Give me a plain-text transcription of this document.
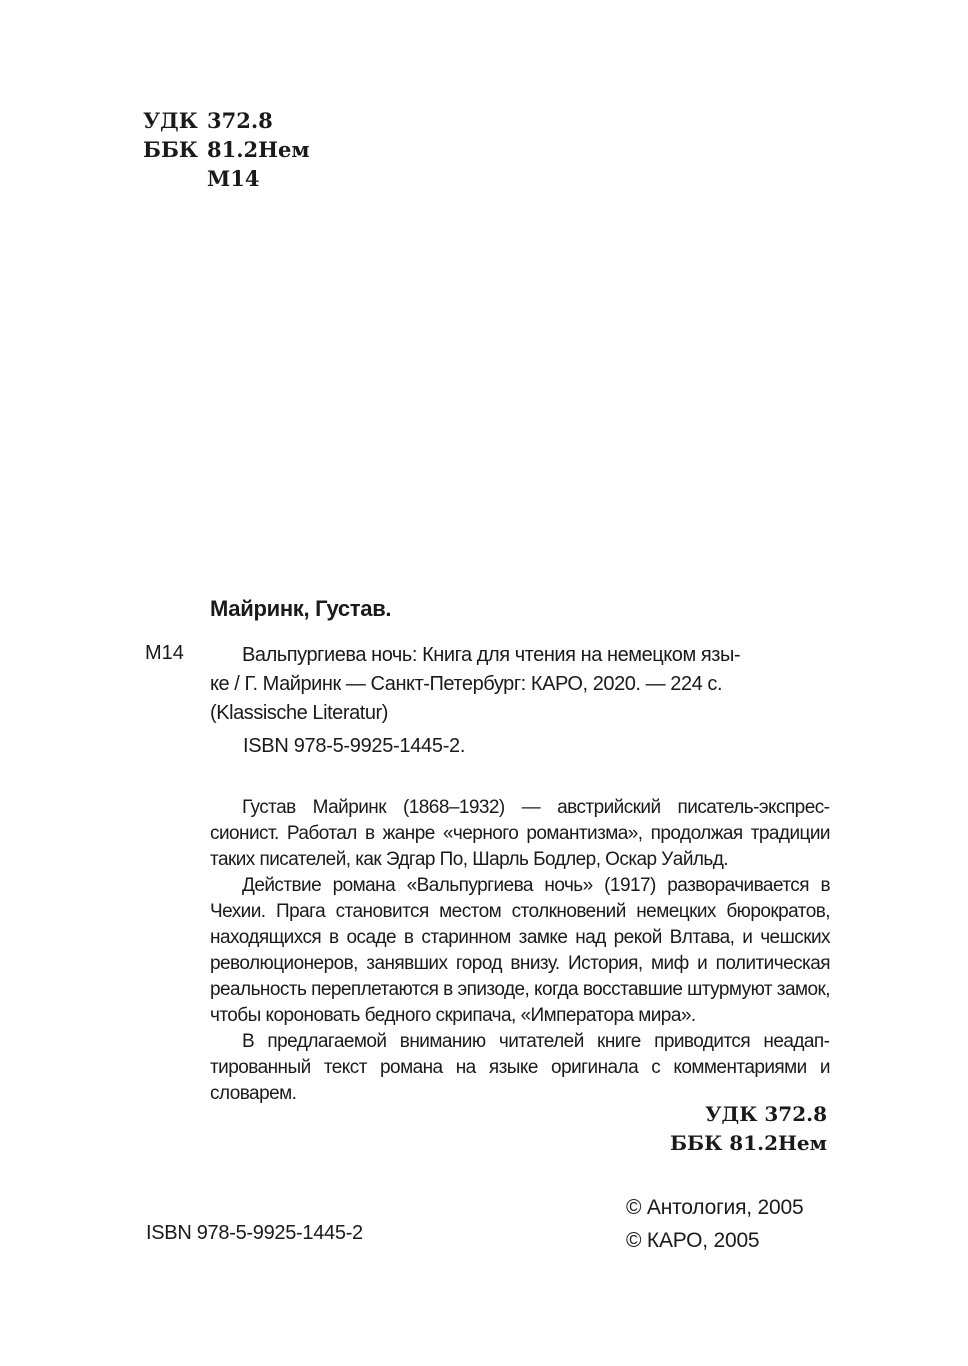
УДК 372.8
ББК 81.2Нем
М14
Майринк, Густав.
М14	Вальпургиева ночь: Книга для чтения на немецком язы-
ке / Г. Майринк — Санкт-Петербург: КАРО, 2020. — 224 с.
(Klassische Literatur)
ISBN 978-5-9925-1445-2.

Густав Майринк (1868–1932) — австрийский писатель-экспрессионист. Работал в жанре «черного романтизма», продолжая традиции таких писателей, как Эдгар По, Шарль Бодлер, Оскар Уайльд.

Действие романа «Вальпургиева ночь» (1917) разворачивается в Чехии. Прага становится местом столкновений немецких бюрократов, находящихся в осаде в старинном замке над рекой Влтава, и чешских революционеров, занявших город внизу. История, миф и политическая реальность переплетаются в эпизоде, когда восставшие штурмуют замок, чтобы короновать бедного скрипача, «Императора мира».

В предлагаемой вниманию читателей книге приводится неадаптированный текст романа на языке оригинала с комментариями и словарем.

УДК 372.8
ББК 81.2Нем
ISBN 978-5-9925-1445-2
© Антология, 2005
© КАРО, 2005
